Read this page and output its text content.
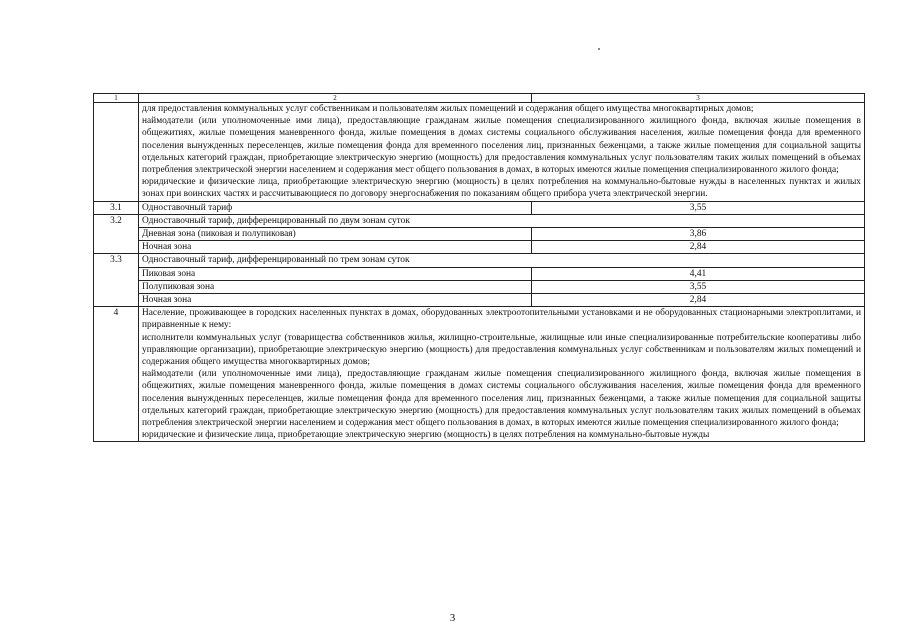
1	2	3

	для предоставления коммунальных услуг собственникам и пользователям жилых помещений и содержания общего имущества многоквартирных домов;

наймодатели (или уполномоченные ими лица), предоставляющие гражданам жилые помещения специализированного жилищного фонда, включая жилые помещения в общежитиях, жилые помещения маневренного фонда, жилые помещения в домах системы социального обслуживания населения, жилые помещения фонда для временного поселения вынужденных переселенцев, жилые помещения фонда для временного поселения лиц, признанных беженцами, а также жилые помещения для социальной защиты отдельных категорий граждан, приобретающие электрическую энергию (мощность) для предоставления коммунальных услуг пользователям таких жилых помещений в объемах потребления электрической энергии населением и содержания мест общего пользования в домах, в которых имеются жилые помещения специализированного жилого фонда;

юридические и физические лица, приобретающие электрическую энергию (мощность) в целях потребления на коммунально-бытовые нужды в населенных пунктах и жилых зонах при воинских частях и рассчитывающиеся по договору энергоснабжения по показаниям общего прибора учета электрической энергии.	

3.1	Одноставочный тариф	3,55
3.2	Одноставочный тариф, дифференцированный по двум зонам суток	
	Дневная зона (пиковая и полупиковая)	3,86
	Ночная зона	2,84
3.3	Одноставочный тариф, дифференцированный по трем зонам суток	
	Пиковая зона	4,41
	Полупиковая зона	3,55
	Ночная зона	2,84
4	Население, проживающее в городских населенных пунктах в домах, оборудованных электроотопительными установками и не оборудованных стационарными электроплитами, и приравненные к нему:

исполнители коммунальных услуг (товарищества собственников жилья, жилищно-строительные, жилищные или иные специализированные потребительские кооперативы либо управляющие организации), приобретающие электрическую энергию (мощность) для предоставления коммунальных услуг собственникам и пользователям жилых помещений и содержания общего имущества многоквартирных домов;

наймодатели (или уполномоченные ими лица), предоставляющие гражданам жилые помещения специализированного жилищного фонда, включая жилые помещения в общежитиях, жилые помещения маневренного фонда, жилые помещения в домах системы социального обслуживания населения, жилые помещения фонда для временного поселения вынужденных переселенцев, жилые помещения фонда для временного поселения лиц, признанных беженцами, а также жилые помещения для социальной защиты отдельных категорий граждан, приобретающие электрическую энергию (мощность) для предоставления коммунальных услуг пользователям таких жилых помещений в объемах потребления электрической энергии населением и содержания мест общего пользования в домах, в которых имеются жилые помещения специализированного жилого фонда;

юридические и физические лица, приобретающие электрическую энергию (мощность) в целях потребления на коммунально-бытовые нужды	

3
